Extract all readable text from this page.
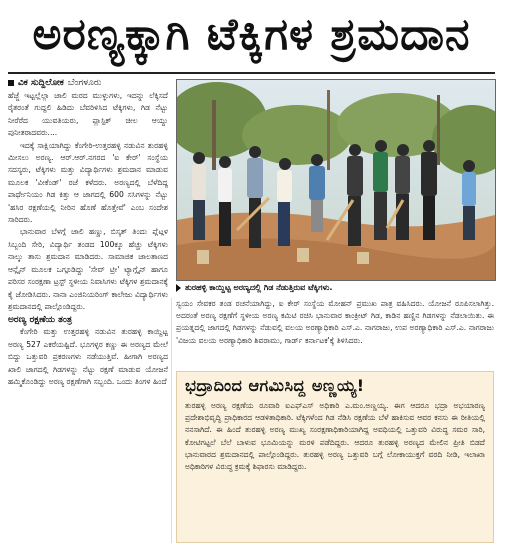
ಅರಣ್ಯಕ್ಕಾಗಿ ಟೆಕ್ಕಿಗಳ ಶ್ರಮದಾನ
ವಿಕ ಸುದ್ದಿಲೋಕ ಬೆಂಗಳೂರು

ಹೆಜ್ಜೆ ಇಟ್ಟಲ್ಲೆಲ್ಲಾ ಜಾಲಿ ಮರದ ಮುಳ್ಳುಗಳು, ಇದನ್ನು ಲೆಕ್ಕಿಸದೆ ರೈತರಂತೆ ಗುದ್ದಲಿ ಹಿಡಿದು ಬೆವರಿಳಿಸಿದ ಟೆಕ್ಕಿಗಳು, ಗಿಡ ನೆಟ್ಟು ನೀರೆರೆದ ಯುವತಿಯರು, ಪ್ಲಾಸ್ಟಿಕ್ ಚೀಲ ಆಯ್ದು ಪುನೀತರಾದವರು....

ಇದಕ್ಕೆ ಸಾಕ್ಷಿಯಾಗಿದ್ದು ಕೆಂಗೇರಿ-ಉತ್ತರಹಳ್ಳಿ ನಡುವಿನ ತುರಹಳ್ಳಿ ಮೀಸಲು ಅರಣ್ಯ. ಆರ್.ಆರ್.ನಗರದ 'ಐ ಕೇರ್' ಸಂಸ್ಥೆಯ ಸದಸ್ಯರು, ಟೆಕ್ಕಿಗಳು ಮತ್ತು ವಿದ್ಯಾರ್ಥಿಗಳು ಶ್ರಮದಾನ ಮಾಡುವ ಮೂಲಕ 'ವೀಕೆಂಡ್' ರಜೆ ಕಳೆದರು. ಅರಣ್ಯದಲ್ಲಿ ಬೆಳೆದಿದ್ದ ಪಾರ್ಥೇನಿಯಂ ಗಿಡ ಕಿತ್ತು ಆ ಜಾಗದಲ್ಲಿ 600 ಸಸಿಗಳನ್ನು ನೆಟ್ಟು 'ಹಸಿರ ರಕ್ಷಣೆಯಲ್ಲಿ ನೀರಿನ ಹೊಣೆ ಹೊತ್ತೇವೆ' ಎಂಬ ಸಂದೇಶ ಸಾರಿದರು.

ಭಾನುವಾರ ಬೆಳಗ್ಗೆ ಜಾಲಿ ಹಣ್ಣು, ಬಿಸ್ಕತ್ ತಿಂದು ಪ್ಲೆಟ್ಗಳ ಸಿಬ್ಬಂದಿ ಸೇರಿ, ವಿದ್ಯಾರ್ಥಿ ತಂಡದ 100ಕ್ಕೂ ಹೆಚ್ಚು ಟೆಕ್ಕಿಗಳು ನಾಲ್ಕು ತಾಸು ಶ್ರಮದಾನ ಮಾಡಿದರು. ಸಾಮಾಜಿಕ ಜಾಲತಾಣದ ಆನ್ಲೈನ್ ಮೂಲಕ ಒಗ್ಗೂಡಿದ್ದು 'ಸೇವ್ ಟ್ರೀ' ಟ್ಯಾಗ್ಲೈನ್ ಹಾಗೂ ಪರಿಸರ ಸಂರಕ್ಷಣಾ ಟ್ರಸ್ಟ್ ಸ್ಥಳೀಯ ನಿವಾಸಿಗಳು ಟೆಕ್ಕಿಗಳ ಶ್ರಮದಾನಕ್ಕೆ ಕೈ ಜೋಡಿಸಿದರು. ನಾನಾ ಎಂಜಿನಿಯರಿಂಗ್ ಕಾಲೇಜು ವಿದ್ಯಾರ್ಥಿಗಳು ಶ್ರಮದಾನದಲ್ಲಿ ಪಾಲ್ಗೊಂಡಿದ್ದರು.

ಅರಣ್ಯ ರಕ್ಷಣೆಯ ತಂತ್ರ

ಕೆಂಗೇರಿ ಮತ್ತು ಉತ್ತರಹಳ್ಳಿ ನಡುವಿನ ತುರಹಳ್ಳಿ ಕಾಯ್ದಿಟ್ಟ ಅರಣ್ಯ 527 ಎಕರೆಯಷ್ಟಿದೆ. ಭೂಗಳ್ಳರ ಕಣ್ಣು ಈ ಅರಣ್ಯದ ಮೇಲೆ ಬಿದ್ದು ಒತ್ತುವರಿ ಪ್ರಕರಣಗಳು ನಡೆಯುತ್ತಿವೆ. ಹೀಗಾಗಿ ಅರಣ್ಯದ ಖಾಲಿ ಜಾಗದಲ್ಲಿ ಗಿಡಗಳನ್ನು ನೆಟ್ಟು ರಕ್ಷಣೆ ಮಾಡುವ ಯೋಜನೆ ಹಮ್ಮಿಕೊಂಡಿದ್ದು ಅರಣ್ಯ ರಕ್ಷಣೆಗಾಗಿ ಸಬ್ಬಂದಿ. ಒಂದು ತಿಂಗಳ ಹಿಂದೆ

ತುರಹಳ್ಳಿ ಕಾಯ್ದಿಟ್ಟ ಅರಣ್ಯದಲ್ಲಿ ಗಿಡ ನೆಡುತ್ತಿರುವ ಟೆಕ್ಕಿಗಳು.

ಸ್ವಯಂ ಸೇವಕರ ತಂಡ ರಚನೆಯಾಗಿದ್ದು, ಐ ಕೇರ್ ಸಂಸ್ಥೆಯ ಮೋಹನ್ ಪ್ರಮುಖ ಪಾತ್ರ ವಹಿಸಿದರು. ಯೋಜನೆ ರೂಪಿಸಲಾಗಿತ್ತು. ಅದರಂತೆ ಅರಣ್ಯ ರಕ್ಷಣೆಗೆ ಸ್ಥಳೀಯ ಅರಣ್ಯ ಕಮಿಟಿ ರಚಿಸಿ ಭಾನುವಾರ ಕಾಂಕ್ರೀಟ್ ಗಿಡ, ಕಾಡಿನ ಹಣ್ಣಿನ ಗಿಡಗಳನ್ನು ನೆಡಲಾಯಿತು. ಈ ಪ್ರಯತ್ನದಲ್ಲಿ ಜಾಗದಲ್ಲಿ ಗಿಡಗಳನ್ನು ನೆಡುವಲ್ಲಿ ವಲಯ ಅರಣ್ಯಾಧಿಕಾರಿ ಎಸ್.ಎ. ನಾಗರಾಜು, ಉಪ ಅರಣ್ಯಾಧಿಕಾರಿ ಎಸ್.ಎ. ನಾಗರಾಜು 'ವಿಜಯ ವಲಯ ಅರಣ್ಯಾಧಿಕಾರಿ ಶಿವರಾಮು, ಗಾರ್ಡ್ ಕರ್ನಾಟಕ'ಕ್ಕೆ ತಿಳಿಸಿದರು.

ಭದ್ರಾದಿಂದ ಆಗಮಿಸಿದ್ದ ಅಣ್ಣಯ್ಯ!

ತುರಹಳ್ಳಿ ಅರಣ್ಯ ರಕ್ಷಣೆಯ ರೂವಾರಿ ಐಎಫ್ಎಸ್ ಅಧಿಕಾರಿ ಎ.ಮಂ.ಅಣ್ಣಯ್ಯ. ಈಗ ಆದರೂ ಭದ್ರಾ ಅಭಯಾರಣ್ಯ ಪ್ರದೇಶಾಭಿವೃದ್ಧಿ ಪ್ರಾಧಿಕಾರದ ಆಡಳಿತಾಧಿಕಾರಿ. ಟೆಕ್ಕಿಗಳೆಂದ ಗಿಡ ನೆಡಿಸಿ ರಕ್ಷಣೆಯ ಬೆಳೆ ಹಾಕಿಸುವ ಆವರ ಕನಸು ಈ ರೀತಿಯಲ್ಲಿ ನನಸಾಗಿದೆ. ಈ ಹಿಂದೆ ತುರಹಳ್ಳಿ ಅರಣ್ಯ ಮುಖ್ಯ ಸಂರಕ್ಷಣಾಧಿಕಾರಿಯಾಗಿದ್ದ ಅವಧಿಯಲ್ಲಿ ಒತ್ತುವರಿ ವಿರುದ್ಧ ಸಮರ ಸಾರಿ, ಕೋಟಿಗಟ್ಟಲೆ ಬೆಲೆ ಬಾಳುವ ಭೂಮಿಯನ್ನು ಮರಳಿ ಪಡೆದಿದ್ದರು. ಆದರೂ ತುರಹಳ್ಳಿ ಅರಣ್ಯದ ಮೇಲಿನ ಪ್ರೀತಿ ಬಿಡದೆ ಭಾನುವಾರದ ಶ್ರಮದಾನದಲ್ಲಿ ಪಾಲ್ಗೊಂಡಿದ್ದರು. ತುರಹಳ್ಳಿ ಅರಣ್ಯ ಒತ್ತುವರಿ ಬಗ್ಗೆ ಲೋಕಾಯುಕ್ತಗೆ ವರದಿ ನೀಡಿ, ಇಲಾಖಾ ಅಧಿಕಾರಿಗಳ ವಿರುದ್ಧ ಕ್ರಮಕ್ಕೆ ಶಿಫಾರಸು ಮಾಡಿದ್ದರು.
